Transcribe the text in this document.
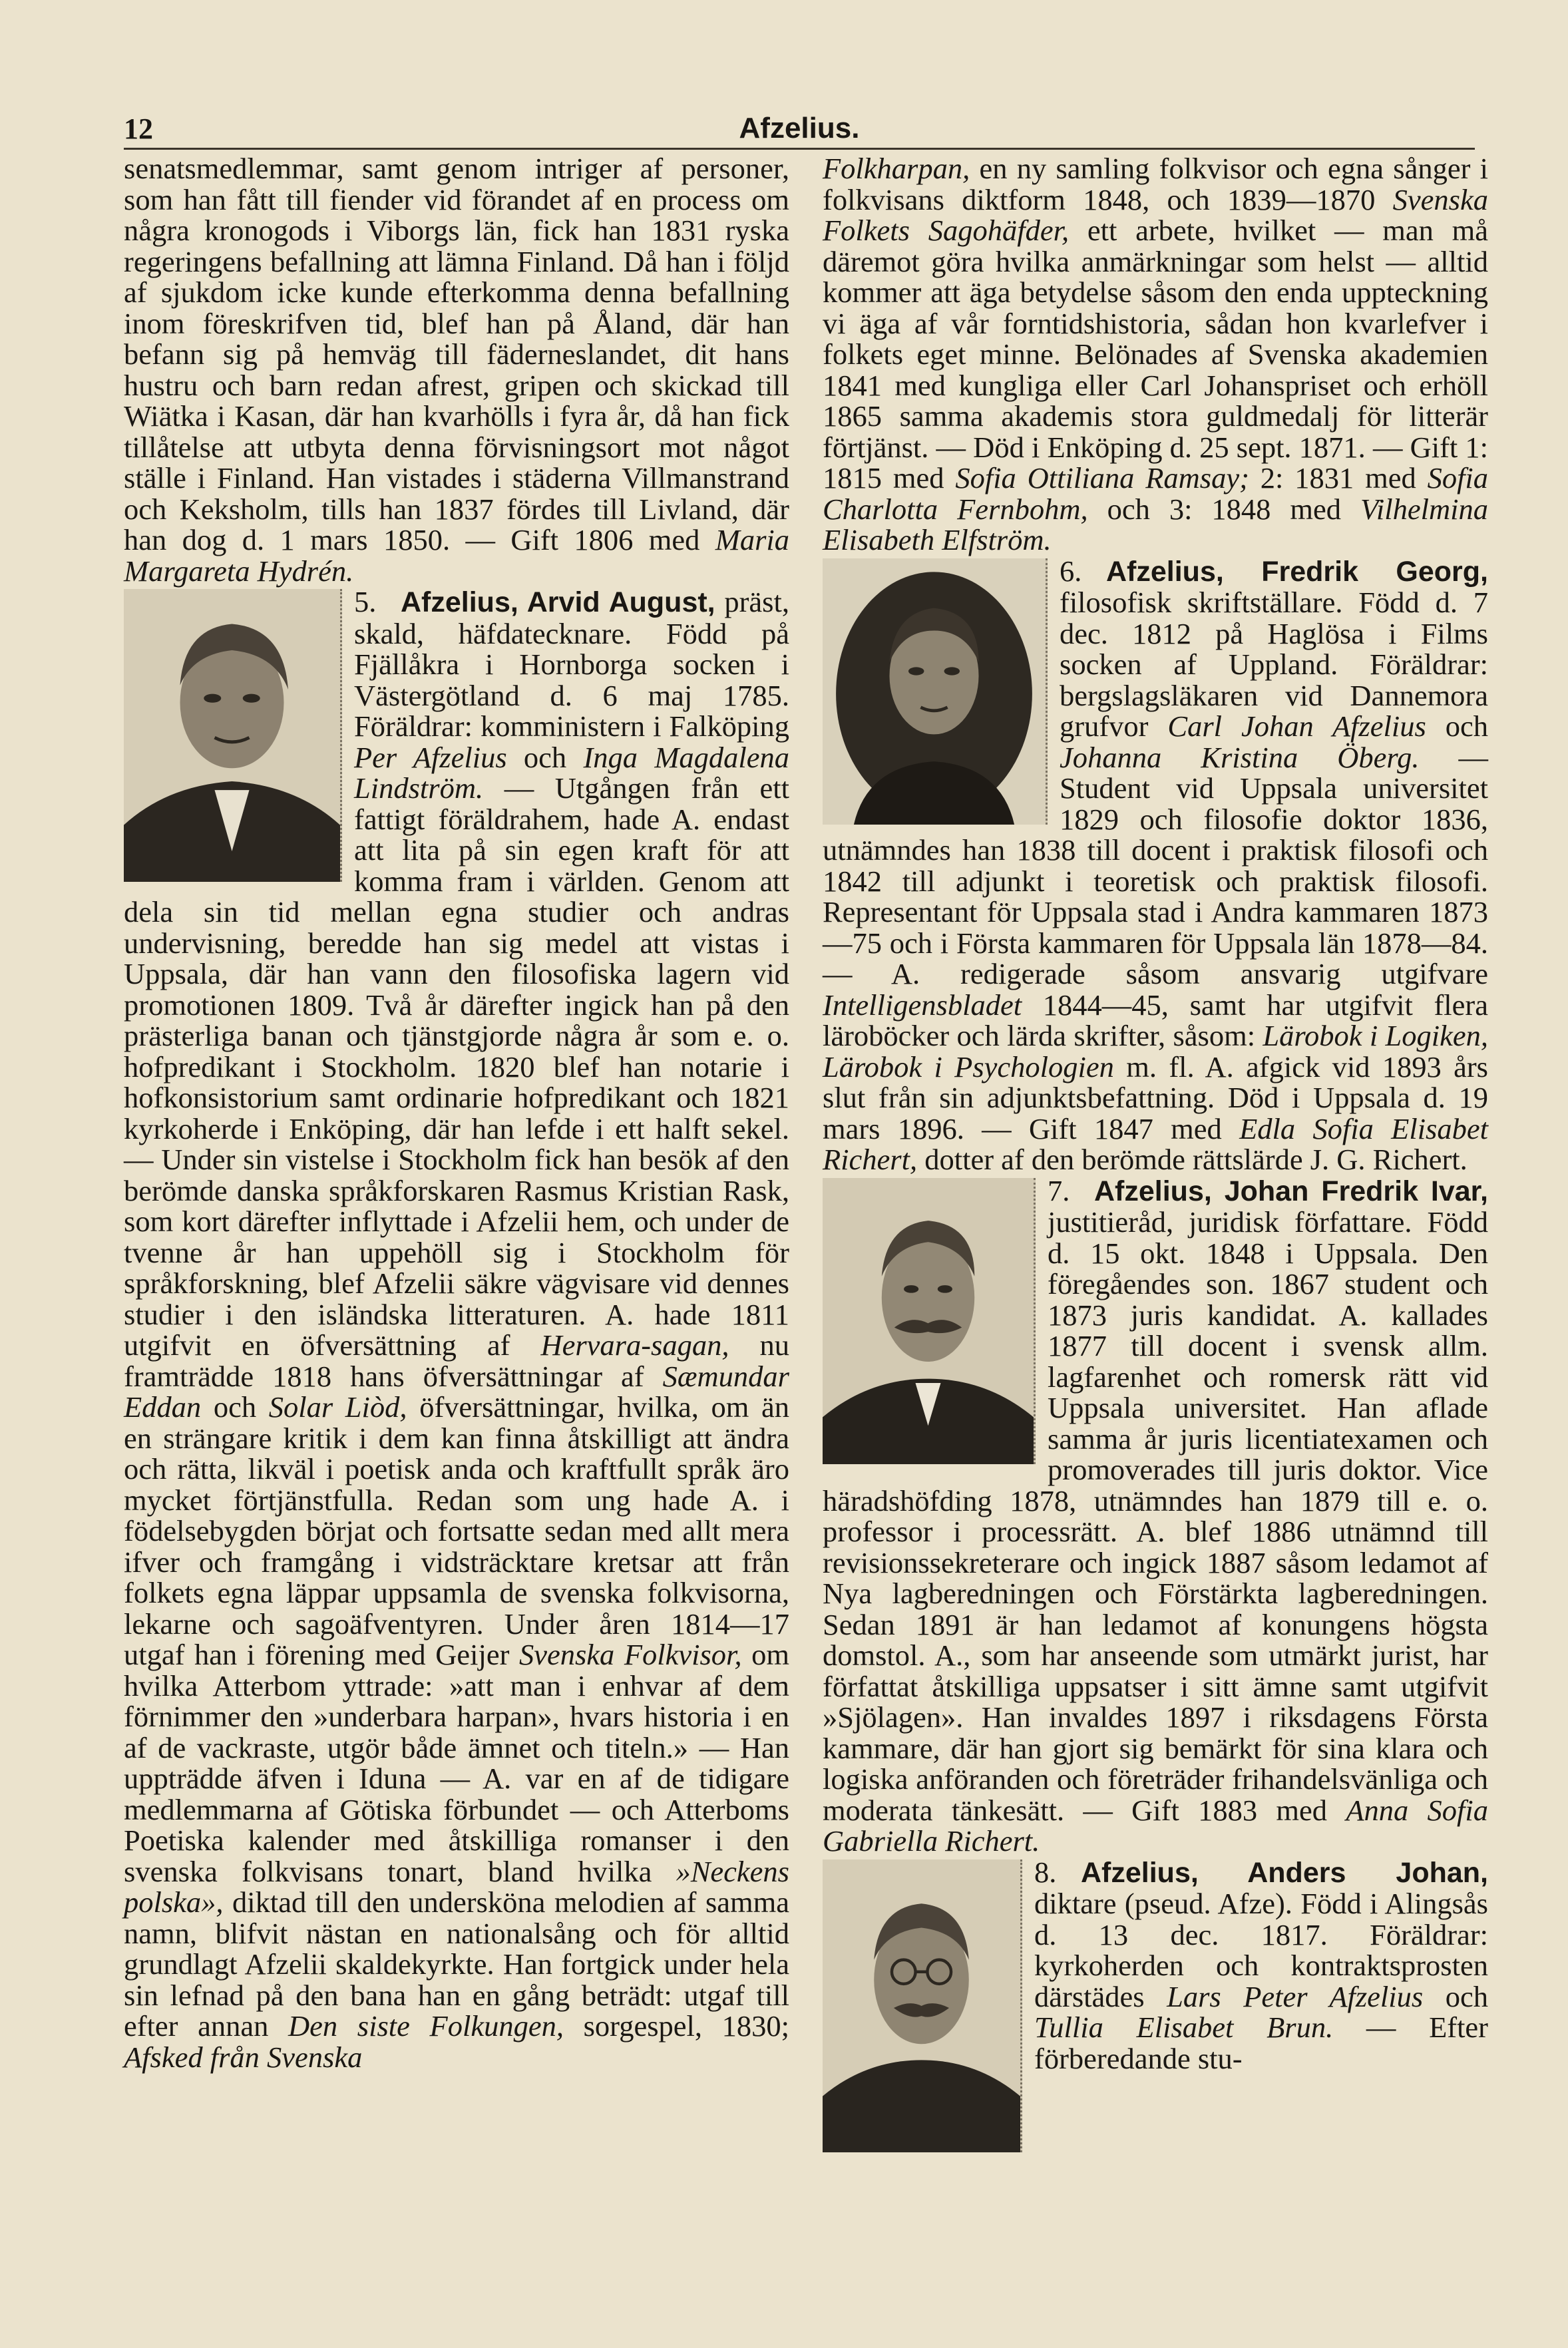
12	Afzelius.

senatsmedlemmar, samt genom intriger af personer, som han fått till fiender vid förandet af en process om några kronogods i Viborgs län, fick han 1831 ryska regeringens befallning att lämna Finland. Då han i följd af sjukdom icke kunde efterkomma denna befallning inom föreskrifven tid, blef han på Åland, där han befann sig på hemväg till fäderneslandet, dit hans hustru och barn redan afrest, gripen och skickad till Wiätka i Kasan, där han kvarhölls i fyra år, då han fick tillåtelse att utbyta denna förvisningsort mot något ställe i Finland. Han vistades i städerna Villmanstrand och Keksholm, tills han 1837 fördes till Livland, där han dog d. 1 mars 1850. — Gift 1806 med Maria Margareta Hydrén.

5. Afzelius, Arvid August, präst, skald, häfdatecknare. Född på Fjällåkra i Hornborga socken i Västergötland d. 6 maj 1785. Föräldrar: komministern i Falköping Per Afzelius och Inga Magdalena Lindström. — Utgången från ett fattigt föräldrahem, hade A. endast att lita på sin egen kraft för att komma fram i världen. Genom att dela sin tid mellan egna studier och andras undervisning, beredde han sig medel att vistas i Uppsala, där han vann den filosofiska lagern vid promotionen 1809. Två år därefter ingick han på den prästerliga banan och tjänstgjorde några år som e. o. hofpredikant i Stockholm. 1820 blef han notarie i hofkonsistorium samt ordinarie hofpredikant och 1821 kyrkoherde i Enköping, där han lefde i ett halft sekel. — Under sin vistelse i Stockholm fick han besök af den berömde danska språkforskaren Rasmus Kristian Rask, som kort därefter inflyttade i Afzelii hem, och under de tvenne år han uppehöll sig i Stockholm för språkforskning, blef Afzelii säkre vägvisare vid dennes studier i den isländska litteraturen. A. hade 1811 utgifvit en öfversättning af Hervara-sagan, nu framträdde 1818 hans öfversättningar af Sæmundar Eddan och Solar Liòd, öfversättningar, hvilka, om än en strängare kritik i dem kan finna åtskilligt att ändra och rätta, likväl i poetisk anda och kraftfullt språk äro mycket förtjänstfulla. Redan som ung hade A. i födelsebygden börjat och fortsatte sedan med allt mera ifver och framgång i vidsträcktare kretsar att från folkets egna läppar uppsamla de svenska folkvisorna, lekarne och sagoäfventyren. Under åren 1814—17 utgaf han i förening med Geijer Svenska Folkvisor, om hvilka Atterbom yttrade: »att man i enhvar af dem förnimmer den »underbara harpan», hvars historia i en af de vackraste, utgör både ämnet och titeln.» — Han uppträdde äfven i Iduna — A. var en af de tidigare medlemmarna af Götiska förbundet — och Atterboms Poetiska kalender med åtskilliga romanser i den svenska folkvisans tonart, bland hvilka »Neckens polska», diktad till den undersköna melodien af samma namn, blifvit nästan en nationalsång och för alltid grundlagt Afzelii skaldekyrkte. Han fortgick under hela sin lefnad på den bana han en gång beträdt: utgaf till efter annan Den siste Folkungen, sorgespel, 1830; Afsked från Svenska

Folkharpan, en ny samling folkvisor och egna sånger i folkvisans diktform 1848, och 1839—1870 Svenska Folkets Sagohäfder, ett arbete, hvilket — man må däremot göra hvilka anmärkningar som helst — alltid kommer att äga betydelse såsom den enda uppteckning vi äga af vår forntidshistoria, sådan hon kvarlefver i folkets eget minne. Belönades af Svenska akademien 1841 med kungliga eller Carl Johanspriset och erhöll 1865 samma akademis stora guldmedalj för litterär förtjänst. — Död i Enköping d. 25 sept. 1871. — Gift 1: 1815 med Sofia Ottiliana Ramsay; 2: 1831 med Sofia Charlotta Fernbohm, och 3: 1848 med Vilhelmina Elisabeth Elfström.

6. Afzelius, Fredrik Georg,
filosofisk skriftställare. Född d. 7 dec. 1812 på Haglösa i Films socken af Uppland. Föräldrar: bergslagsläkaren vid Dannemora grufvor Carl Johan Afzelius och Johanna Kristina Öberg. — Student vid Uppsala universitet 1829 och filosofie doktor 1836, utnämndes han 1838 till docent i praktisk filosofi och 1842 till adjunkt i teoretisk och praktisk filosofi. Representant för Uppsala stad i Andra kammaren 1873—75 och i Första kammaren för Uppsala län 1878—84. — A. redigerade såsom ansvarig utgifvare Intelligensbladet 1844—45, samt har utgifvit flera läroböcker och lärda skrifter, såsom: Lärobok i Logiken, Lärobok i Psychologien m. fl. A. afgick vid 1893 års slut från sin adjunktsbefattning. Död i Uppsala d. 19 mars 1896. — Gift 1847 med Edla Sofia Elisabet Richert, dotter af den berömde rättslärde J. G. Richert.

7. Afzelius, Johan Fredrik Ivar,
justitieråd, juridisk författare. Född d. 15 okt. 1848 i Uppsala. Den föregåendes son. 1867 student och 1873 juris kandidat. A. kallades 1877 till docent i svensk allm. lagfarenhet och romersk rätt vid Uppsala universitet. Han aflade samma år juris licentiatexamen och promoverades till juris doktor. Vice häradshöfding 1878, utnämndes han 1879 till e. o. professor i processrätt. A. blef 1886 utnämnd till revisionssekreterare och ingick 1887 såsom ledamot af Nya lagberedningen och Förstärkta lagberedningen. Sedan 1891 är han ledamot af konungens högsta domstol. A., som har anseende som utmärkt jurist, har författat åtskilliga uppsatser i sitt ämne samt utgifvit »Sjölagen». Han invaldes 1897 i riksdagens Första kammare, där han gjort sig bemärkt för sina klara och logiska anföranden och företräder frihandelsvänliga och moderata tänkesätt. — Gift 1883 med Anna Sofia Gabriella Richert.

8. Afzelius, Anders Johan, diktare (pseud. Afze). Född i Alingsås d. 13 dec. 1817. Föräldrar: kyrkoherden och kontraktsprosten därstädes Lars Peter Afzelius och Tullia Elisabet Brun. — Efter förberedande stu-
